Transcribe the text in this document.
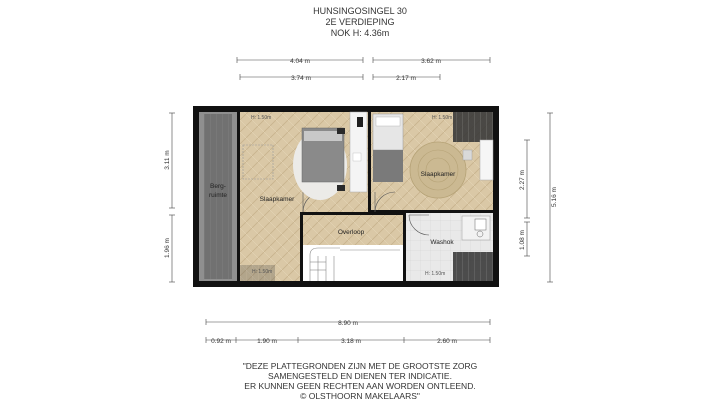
HUNSINGOSINGEL 30
2E VERDIEPING
NOK H: 4.36m
4.04 m	3.62 m
3.74 m	2.17 m
3.11 m
1.96 m
2.27 m
1.08 m
5.16 m
Berg-
ruimte
Slaapkamer
Slaapkamer
Overloop
Washok
H: 1.50m
H: 1.50m	H: 1.50m
H: 1.50m
8.90 m
0.92 m	1.90 m	3.18 m	2.60 m
"DEZE PLATTEGRONDEN ZIJN MET DE GROOTSTE ZORG
SAMENGESTELD EN DIENEN TER INDICATIE.
ER KUNNEN GEEN RECHTEN AAN WORDEN ONTLEEND.
© OLSTHOORN MAKELAARS"
